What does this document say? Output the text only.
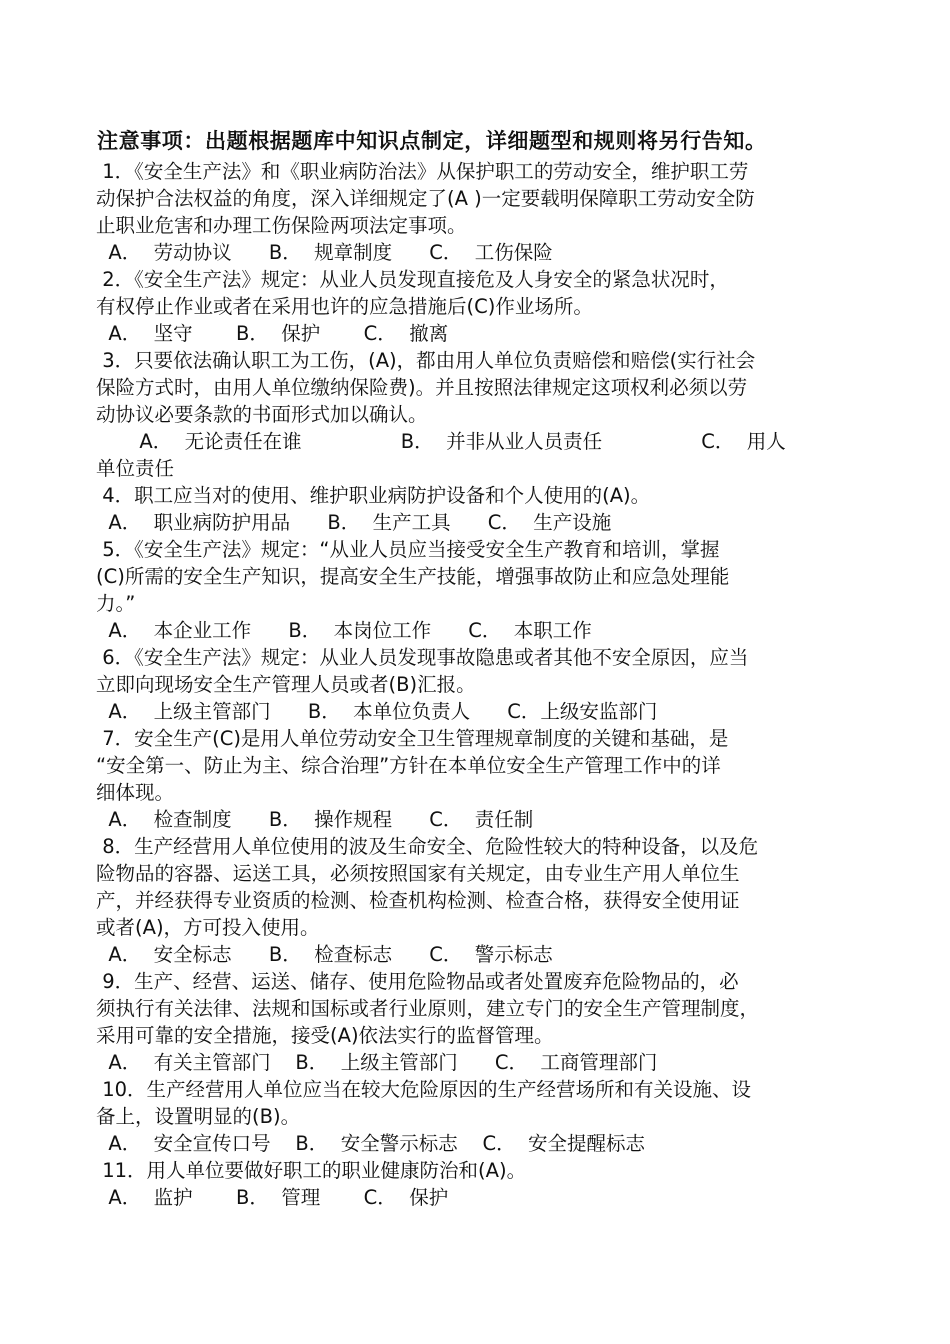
注意事项：出题根据题库中知识点制定，详细题型和规则将另行告知。
1．《安全生产法》和《职业病防治法》从保护职工的劳动安全，维护职工劳
动保护合法权益的角度，深入详细规定了(A )一定要载明保障职工劳动安全防
止职业危害和办理工伤保险两项法定事项。
A．  劳动协议      B．  规章制度      C．  工伤保险
2．《安全生产法》规定：从业人员发现直接危及人身安全的紧急状况时，
有权停止作业或者在采用也许的应急措施后(C)作业场所。
A．  坚守       B．  保护       C．  撤离
3．只要依法确认职工为工伤，(A)，都由用人单位负责赔偿和赔偿(实行社会
保险方式时，由用人单位缴纳保险费)。并且按照法律规定这项权利必须以劳
动协议必要条款的书面形式加以确认。
A．  无论责任在谁                B．  并非从业人员责任                C．  用人
单位责任
4．职工应当对的使用、维护职业病防护设备和个人使用的(A)。
A．  职业病防护用品      B．  生产工具      C．  生产设施
5．《安全生产法》规定：“从业人员应当接受安全生产教育和培训，掌握
(C)所需的安全生产知识，提高安全生产技能，增强事故防止和应急处理能
力。”
A．  本企业工作      B．  本岗位工作      C．  本职工作
6．《安全生产法》规定：从业人员发现事故隐患或者其他不安全原因，应当
立即向现场安全生产管理人员或者(B)汇报。
A．  上级主管部门      B．  本单位负责人      C．上级安监部门
7．安全生产(C)是用人单位劳动安全卫生管理规章制度的关键和基础，是
“安全第一、防止为主、综合治理”方针在本单位安全生产管理工作中的详
细体现。
A．  检查制度      B．  操作规程      C．  责任制
8．生产经营用人单位使用的波及生命安全、危险性较大的特种设备，以及危
险物品的容器、运送工具，必须按照国家有关规定，由专业生产用人单位生
产，并经获得专业资质的检测、检查机构检测、检查合格，获得安全使用证
或者(A)，方可投入使用。
A．  安全标志      B．  检查标志      C．  警示标志
9．生产、经营、运送、储存、使用危险物品或者处置废弃危险物品的，必
须执行有关法律、法规和国标或者行业原则，建立专门的安全生产管理制度，
采用可靠的安全措施，接受(A)依法实行的监督管理。
A．  有关主管部门    B．  上级主管部门      C．  工商管理部门
10．生产经营用人单位应当在较大危险原因的生产经营场所和有关设施、设
备上，设置明显的(B)。
A．  安全宣传口号    B．  安全警示标志    C．  安全提醒标志
11．用人单位要做好职工的职业健康防治和(A)。
A．  监护       B．  管理       C．  保护
